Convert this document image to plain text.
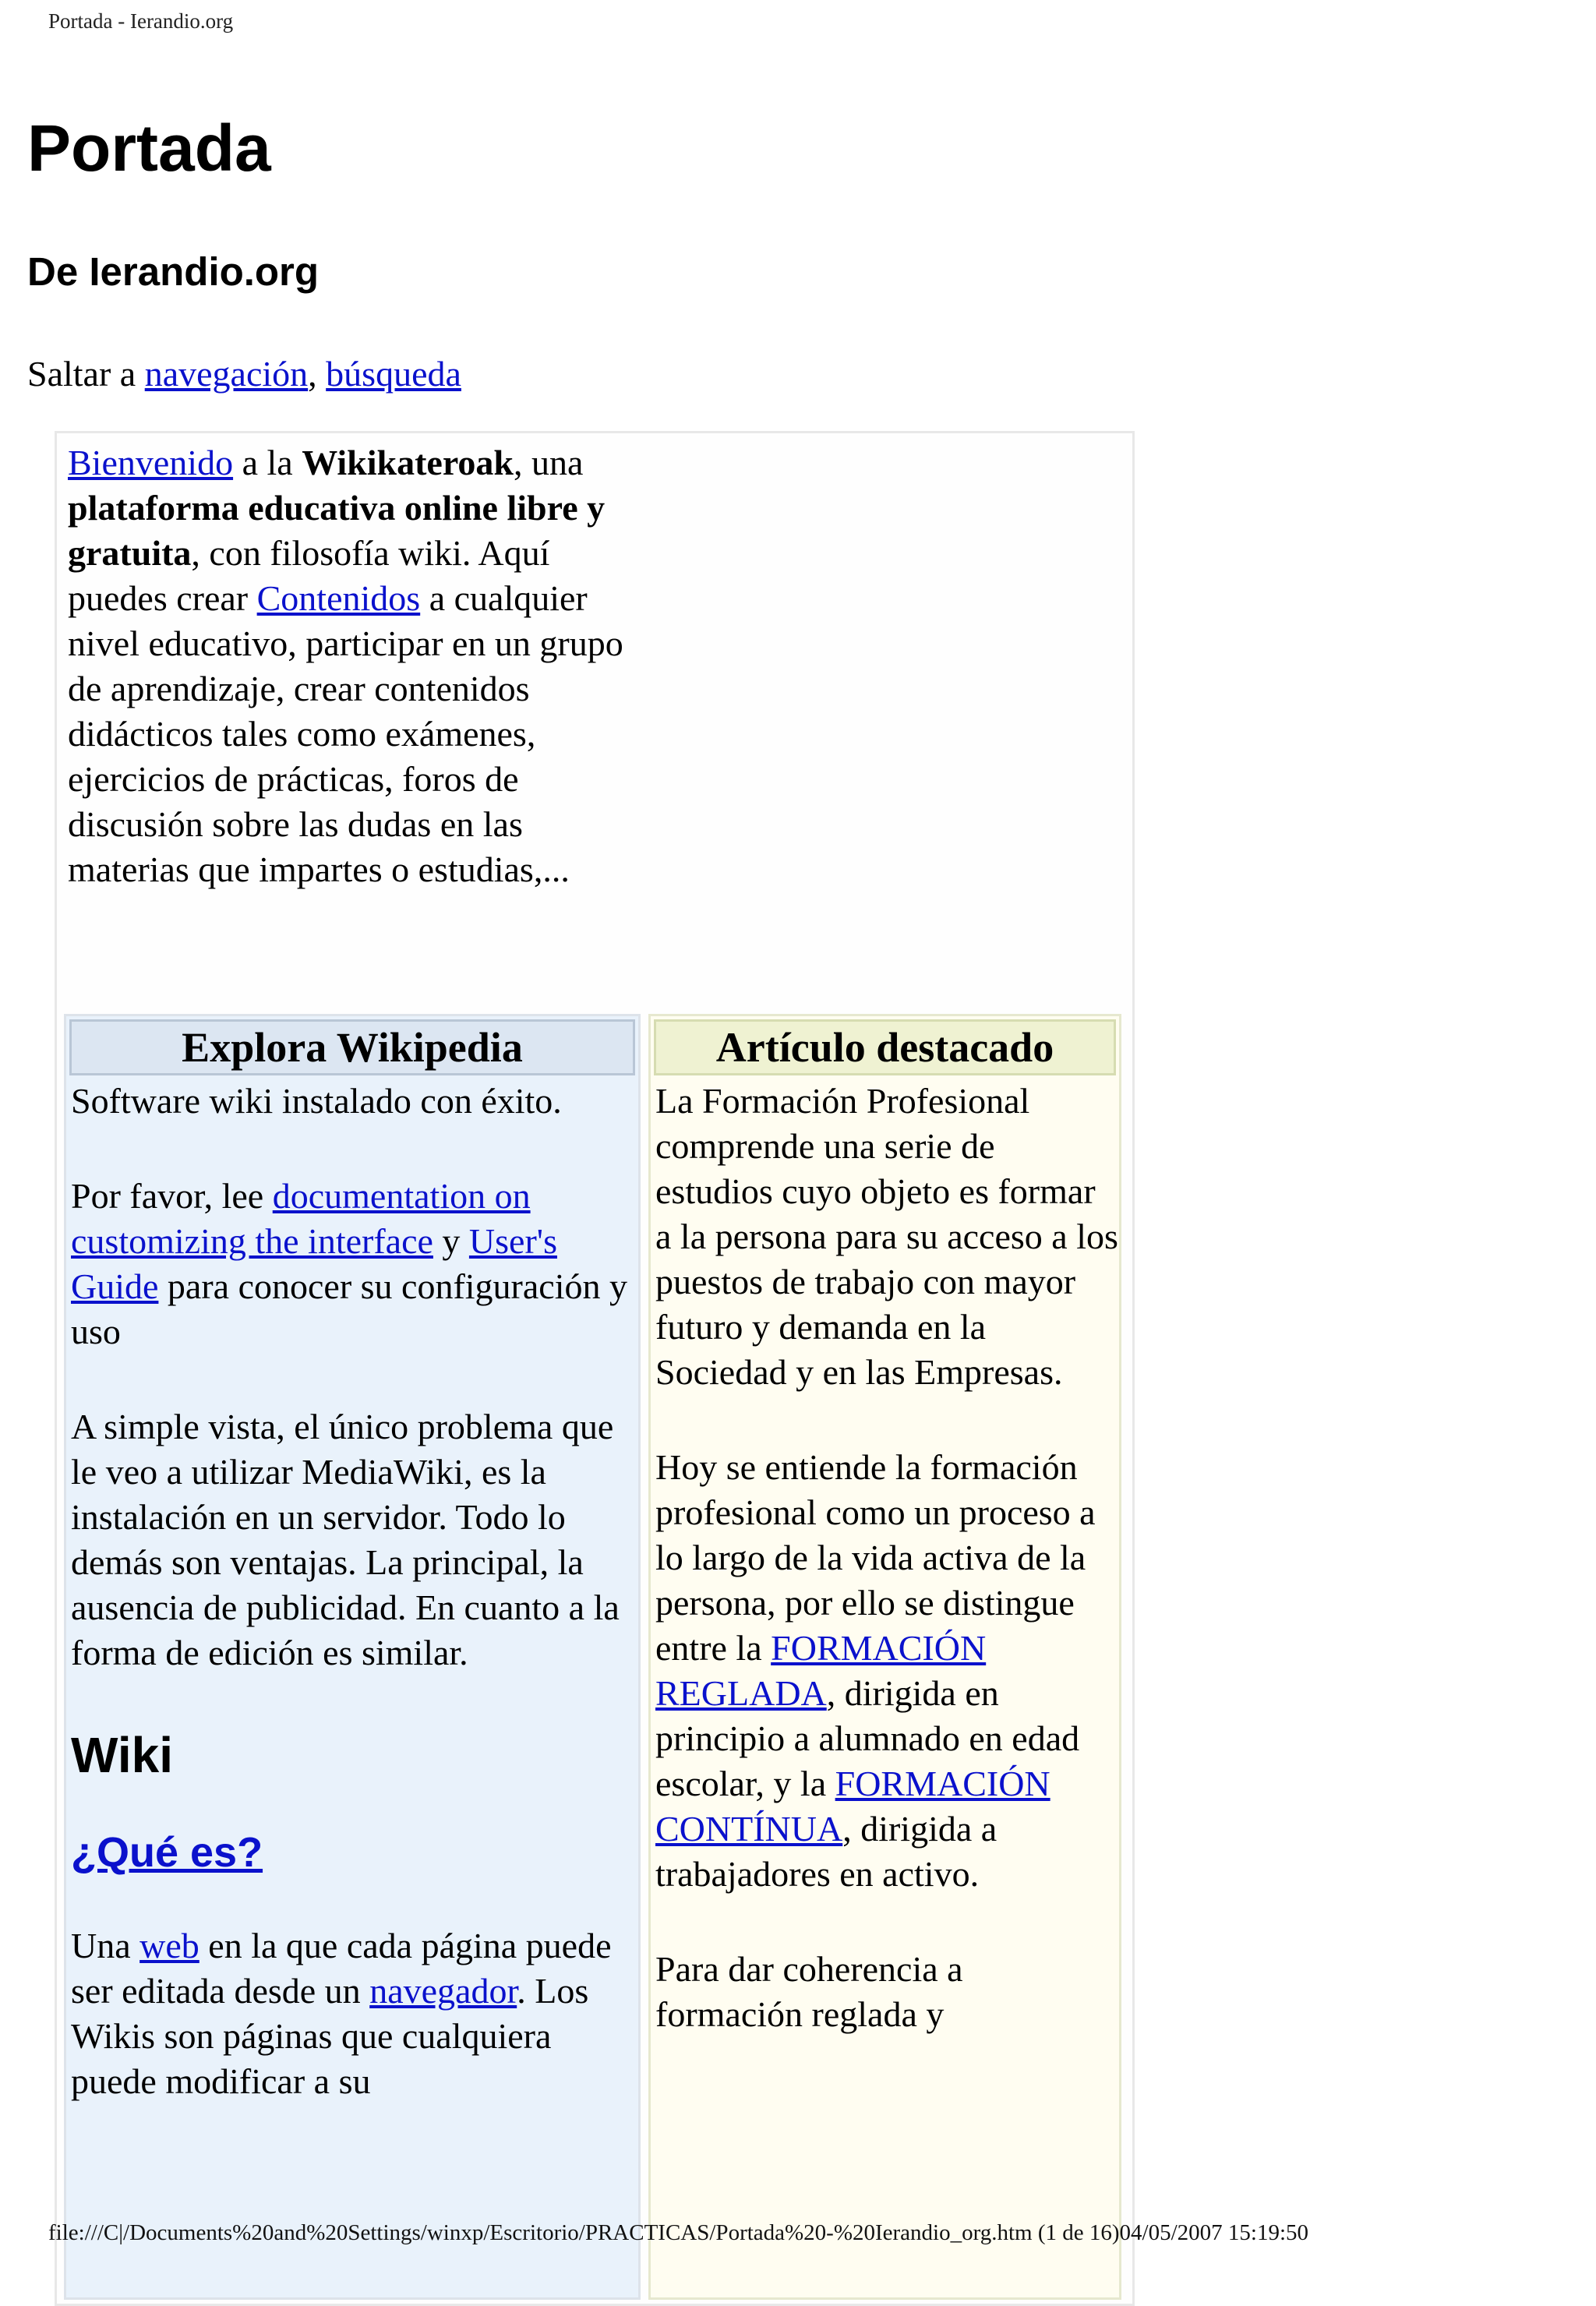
Portada - Ierandio.org
Portada
De Ierandio.org
Saltar a navegación, búsqueda
Bienvenido a la Wikikateroak, una plataforma educativa online libre y gratuita, con filosofía wiki. Aquí puedes crear Contenidos a cualquier nivel educativo, participar en un grupo de aprendizaje, crear contenidos didácticos tales como exámenes, ejercicios de prácticas, foros de discusión sobre las dudas en las materias que impartes o estudias,...
Explora Wikipedia

Software wiki instalado con éxito.

Por favor, lee documentation on customizing the interface y User's Guide para conocer su configuración y uso

A simple vista, el único problema que le veo a utilizar MediaWiki, es la instalación en un servidor. Todo lo demás son ventajas. La principal, la ausencia de publicidad. En cuanto a la forma de edición es similar.

Wiki
¿Qué es?

Una web en la que cada página puede ser editada desde un navegador. Los Wikis son páginas que cualquiera puede modificar a su

Artículo destacado

La Formación Profesional comprende una serie de estudios cuyo objeto es formar a la persona para su acceso a los puestos de trabajo con mayor futuro y demanda en la Sociedad y en las Empresas.

Hoy se entiende la formación profesional como un proceso a lo largo de la vida activa de la persona, por ello se distingue entre la FORMACIÓN REGLADA, dirigida en principio a alumnado en edad escolar, y la FORMACIÓN CONTÍNUA, dirigida a trabajadores en activo.

Para dar coherencia a formación reglada y

file:///C|/Documents%20and%20Settings/winxp/Escritorio/PRACTICAS/Portada%20-%20Ierandio_org.htm (1 de 16)04/05/2007 15:19:50
